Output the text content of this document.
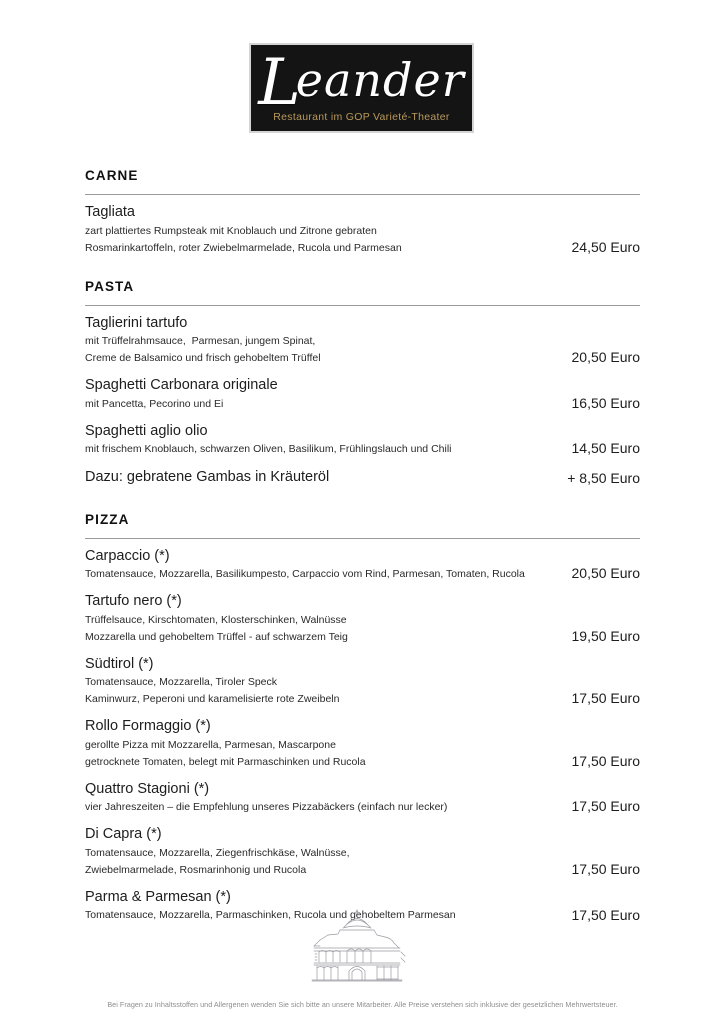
Leander
Restaurant im GOP Varieté-Theater
CARNE
Tagliata
zart plattiertes Rumpsteak mit Knoblauch und Zitrone gebraten
Rosmarinkartoffeln, roter Zwiebelmarmelade, Rucola und Parmesan	24,50 Euro
PASTA
Taglierini tartufo
mit Trüffelrahmsauce,  Parmesan, jungem Spinat,
Creme de Balsamico und frisch gehobeltem Trüffel	20,50 Euro
Spaghetti Carbonara originale
mit Pancetta, Pecorino und Ei	16,50 Euro
Spaghetti aglio olio
mit frischem Knoblauch, schwarzen Oliven, Basilikum, Frühlingslauch und Chili	14,50 Euro
Dazu: gebratene Gambas in Kräuteröl	+ 8,50 Euro
PIZZA
Carpaccio (*)
Tomatensauce, Mozzarella, Basilikumpesto, Carpaccio vom Rind, Parmesan, Tomaten, Rucola	20,50 Euro
Tartufo nero (*)
Trüffelsauce, Kirschtomaten, Klosterschinken, Walnüsse
Mozzarella und gehobeltem Trüffel - auf schwarzem Teig	19,50 Euro
Südtirol (*)
Tomatensauce, Mozzarella, Tiroler Speck
Kaminwurz, Peperoni und karamelisierte rote Zweibeln	17,50 Euro
Rollo Formaggio (*)
gerollte Pizza mit Mozzarella, Parmesan, Mascarpone
getrocknete Tomaten, belegt mit Parmaschinken und Rucola	17,50 Euro
Quattro Stagioni (*)
vier Jahreszeiten – die Empfehlung unseres Pizzabäckers (einfach nur lecker)	17,50 Euro
Di Capra (*)
Tomatensauce, Mozzarella, Ziegenfrischkäse, Walnüsse,
Zwiebelmarmelade, Rosmarinhonig und Rucola	17,50 Euro
Parma & Parmesan (*)
Tomatensauce, Mozzarella, Parmaschinken, Rucola und gehobeltem Parmesan	17,50 Euro
Bei Fragen zu Inhaltsstoffen und Allergenen wenden Sie sich bitte an unsere Mitarbeiter. Alle Preise verstehen sich inklusive der gesetzlichen Mehrwertsteuer.
